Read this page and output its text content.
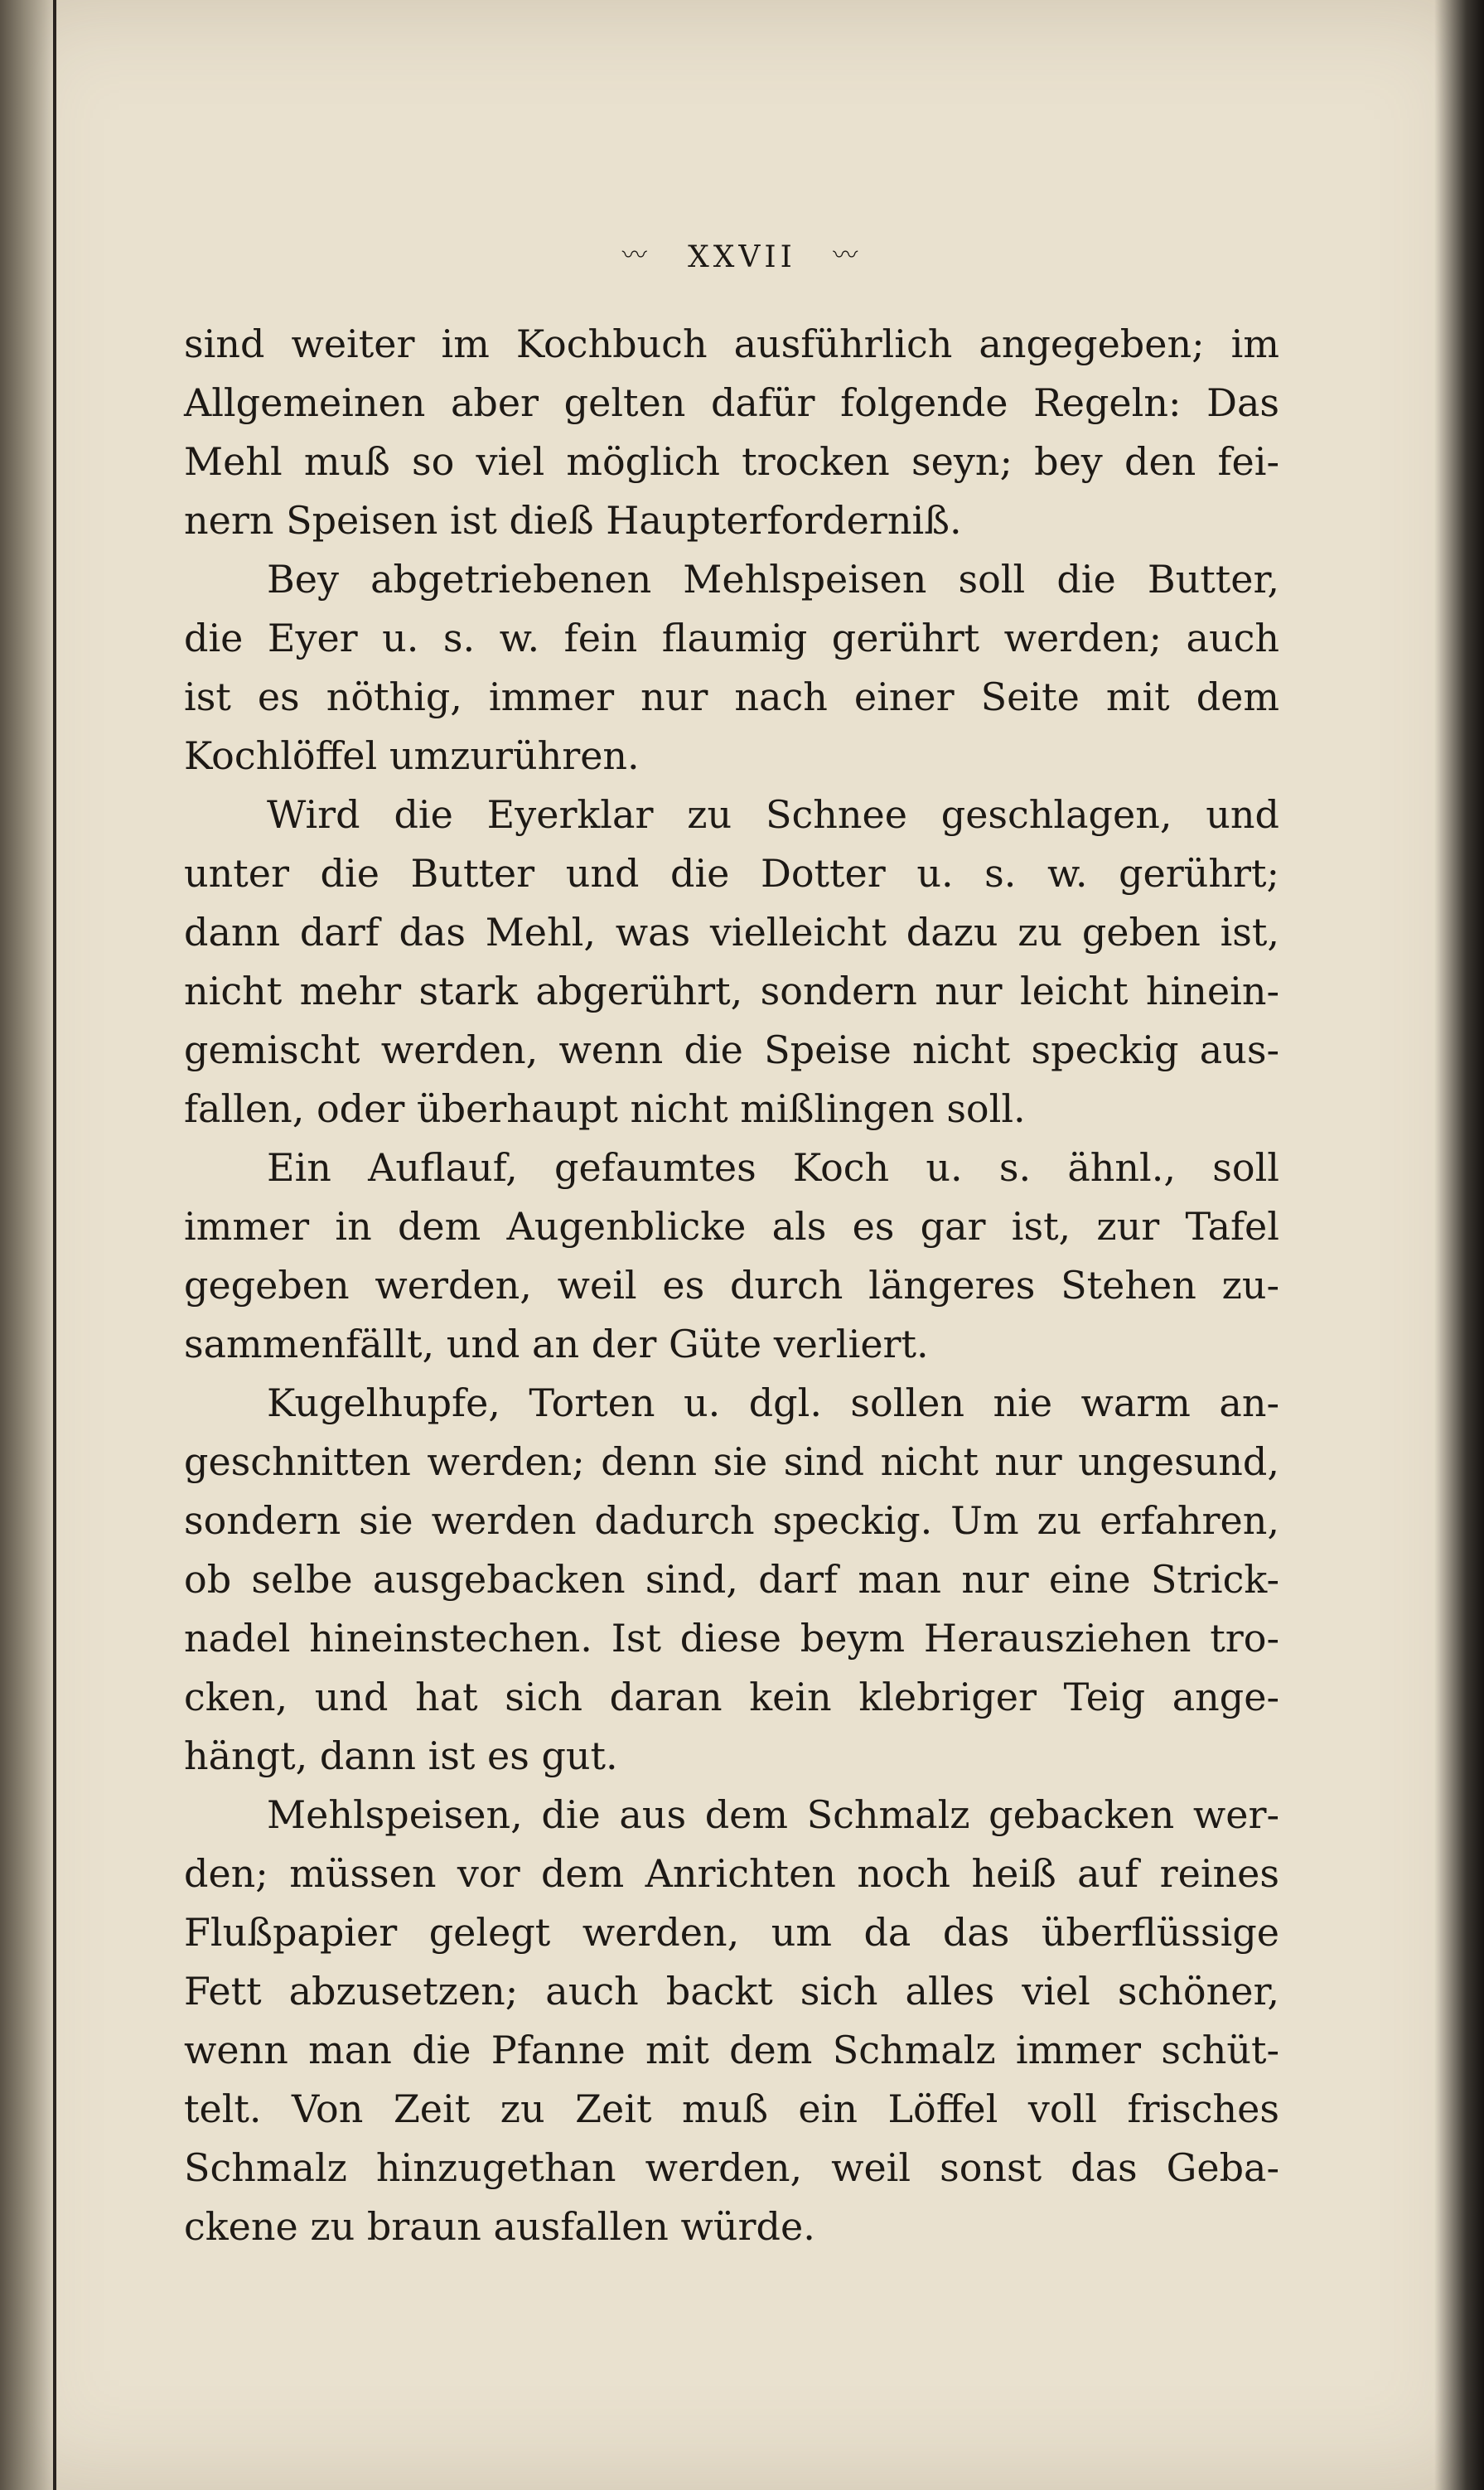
〰 XXVII 〰
sind weiter im Kochbuch ausführlich angegeben; im
Allgemeinen aber gelten dafür folgende Regeln: Das
Mehl muß so viel möglich trocken seyn; bey den fei-
nern Speisen ist dieß Haupterforderniß.
Bey abgetriebenen Mehlspeisen soll die Butter,
die Eyer u. s. w. fein flaumig gerührt werden; auch
ist es nöthig, immer nur nach einer Seite mit dem
Kochlöffel umzurühren.
Wird die Eyerklar zu Schnee geschlagen, und
unter die Butter und die Dotter u. s. w. gerührt;
dann darf das Mehl, was vielleicht dazu zu geben ist,
nicht mehr stark abgerührt, sondern nur leicht hinein-
gemischt werden, wenn die Speise nicht speckig aus-
fallen, oder überhaupt nicht mißlingen soll.
Ein Auflauf, gefaumtes Koch u. s. ähnl., soll
immer in dem Augenblicke als es gar ist, zur Tafel
gegeben werden, weil es durch längeres Stehen zu-
sammenfällt, und an der Güte verliert.
Kugelhupfe, Torten u. dgl. sollen nie warm an-
geschnitten werden; denn sie sind nicht nur ungesund,
sondern sie werden dadurch speckig. Um zu erfahren,
ob selbe ausgebacken sind, darf man nur eine Strick-
nadel hineinstechen. Ist diese beym Herausziehen tro-
cken, und hat sich daran kein klebriger Teig ange-
hängt, dann ist es gut.
Mehlspeisen, die aus dem Schmalz gebacken wer-
den; müssen vor dem Anrichten noch heiß auf reines
Flußpapier gelegt werden, um da das überflüssige
Fett abzusetzen; auch backt sich alles viel schöner,
wenn man die Pfanne mit dem Schmalz immer schüt-
telt. Von Zeit zu Zeit muß ein Löffel voll frisches
Schmalz hinzugethan werden, weil sonst das Geba-
ckene zu braun ausfallen würde.
